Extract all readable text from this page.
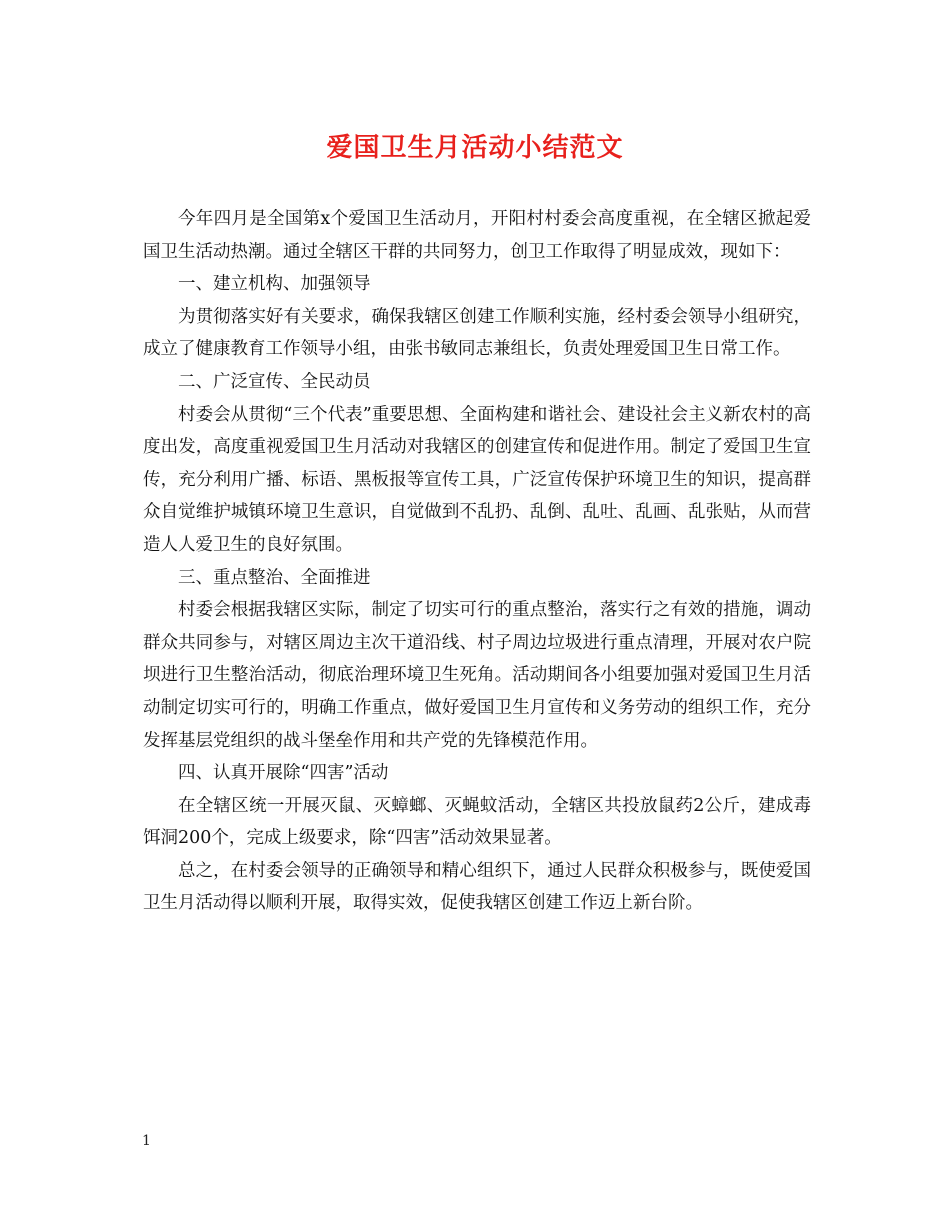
爱国卫生月活动小结范文

今年四月是全国第x个爱国卫生活动月，开阳村村委会高度重视，在全辖区掀起爱国卫生活动热潮。通过全辖区干群的共同努力，创卫工作取得了明显成效，现如下：

一、建立机构、加强领导

为贯彻落实好有关要求，确保我辖区创建工作顺利实施，经村委会领导小组研究，成立了健康教育工作领导小组，由张书敏同志兼组长，负责处理爱国卫生日常工作。

二、广泛宣传、全民动员

村委会从贯彻“三个代表”重要思想、全面构建和谐社会、建设社会主义新农村的高度出发，高度重视爱国卫生月活动对我辖区的创建宣传和促进作用。制定了爱国卫生宣传，充分利用广播、标语、黑板报等宣传工具，广泛宣传保护环境卫生的知识，提高群众自觉维护城镇环境卫生意识，自觉做到不乱扔、乱倒、乱吐、乱画、乱张贴，从而营造人人爱卫生的良好氛围。

三、重点整治、全面推进

村委会根据我辖区实际，制定了切实可行的重点整治，落实行之有效的措施，调动群众共同参与，对辖区周边主次干道沿线、村子周边垃圾进行重点清理，开展对农户院坝进行卫生整治活动，彻底治理环境卫生死角。活动期间各小组要加强对爱国卫生月活动制定切实可行的，明确工作重点，做好爱国卫生月宣传和义务劳动的组织工作，充分发挥基层党组织的战斗堡垒作用和共产党的先锋模范作用。

四、认真开展除“四害”活动

在全辖区统一开展灭鼠、灭蟑螂、灭蝇蚊活动，全辖区共投放鼠药2公斤，建成毒饵洞200个，完成上级要求，除“四害”活动效果显著。

总之，在村委会领导的正确领导和精心组织下，通过人民群众积极参与，既使爱国卫生月活动得以顺利开展，取得实效，促使我辖区创建工作迈上新台阶。

1
